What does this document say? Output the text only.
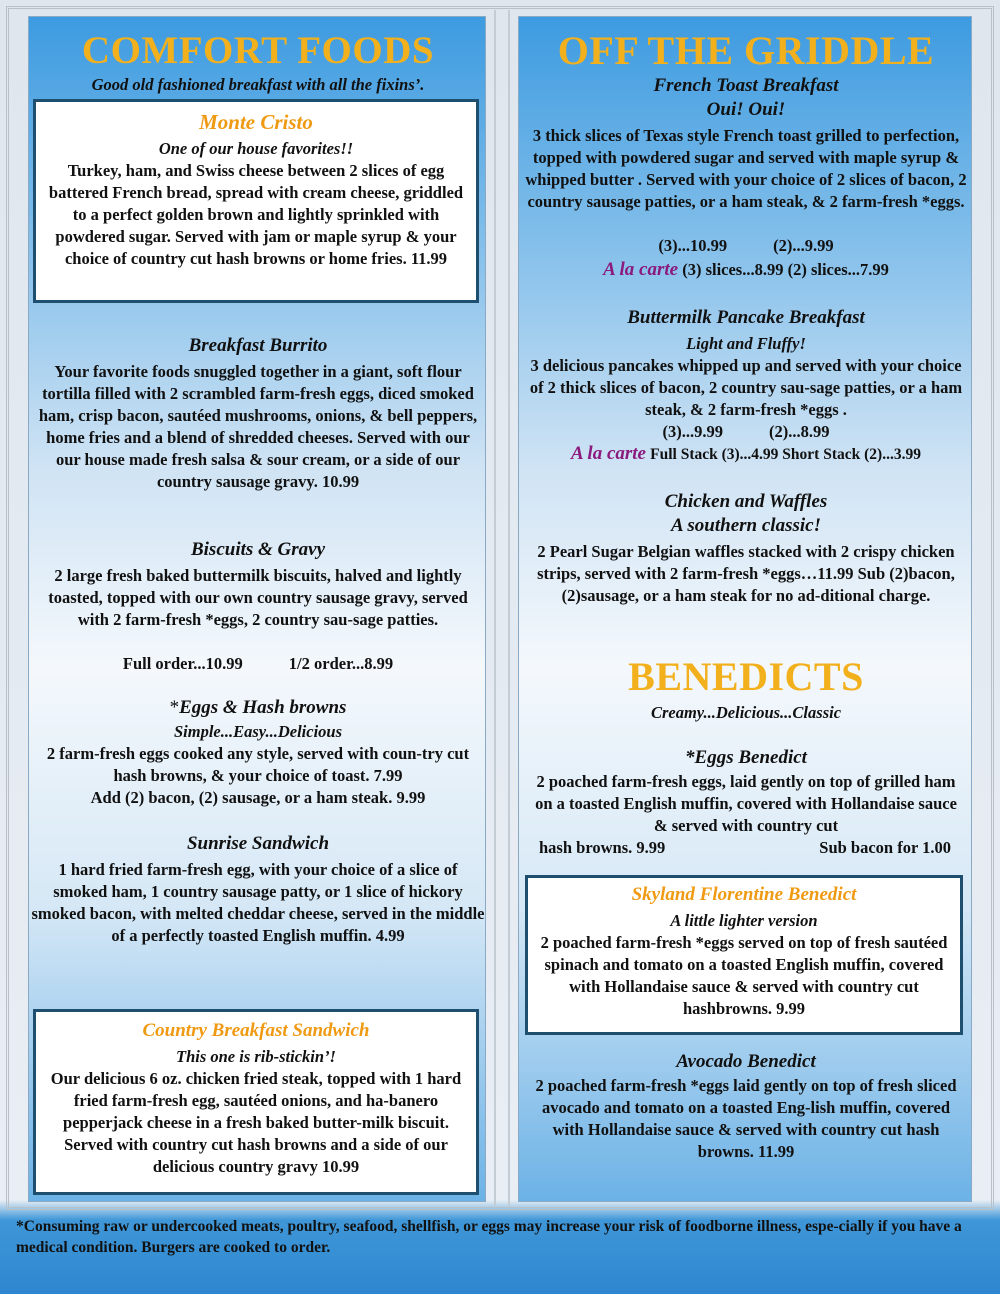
COMFORT FOODS
Good old fashioned breakfast with all the fixins’.
Monte Cristo
One of our house favorites!!
Turkey, ham, and Swiss cheese between 2 slices of egg battered French bread, spread with cream cheese, griddled to a perfect golden brown and lightly sprinkled with powdered sugar. Served with jam or maple syrup & your choice of country cut hash browns or home fries. 11.99
Breakfast Burrito
Your favorite foods snuggled together in a giant, soft flour tortilla filled with 2 scrambled farm-fresh eggs, diced smoked ham, crisp bacon, sautéed mushrooms, onions, & bell peppers, home fries and a blend of shredded cheeses. Served with our our house made fresh salsa & sour cream, or a side of our country sausage gravy. 10.99
Biscuits & Gravy
2 large fresh baked buttermilk biscuits, halved and lightly toasted, topped with our own country sausage gravy, served with 2 farm-fresh *eggs, 2 country sau-sage patties.
Full order...10.99	1/2 order...8.99
*Eggs & Hash browns
Simple...Easy...Delicious
2 farm-fresh eggs cooked any style, served with coun-try cut hash browns, & your choice of toast. 7.99
Add (2) bacon, (2) sausage, or a ham steak. 9.99
Sunrise Sandwich
1 hard fried farm-fresh egg, with your choice of a slice of smoked ham, 1 country sausage patty, or 1 slice of hickory smoked bacon, with melted cheddar cheese, served in the middle of a perfectly toasted English muffin. 4.99
Country Breakfast Sandwich
This one is rib-stickin’!
Our delicious 6 oz. chicken fried steak, topped with 1 hard fried farm-fresh egg, sautéed onions, and ha-banero pepperjack cheese in a fresh baked butter-milk biscuit. Served with country cut hash browns and a side of our delicious country gravy 10.99
OFF THE GRIDDLE
French Toast Breakfast
Oui! Oui!
3 thick slices of Texas style French toast grilled to perfection, topped with powdered sugar and served with maple syrup & whipped butter . Served with your choice of 2 slices of bacon, 2 country sausage patties, or a ham steak, & 2 farm-fresh *eggs.
(3)...10.99	(2)...9.99
A la carte (3) slices...8.99 (2) slices...7.99
Buttermilk Pancake Breakfast
Light and Fluffy!
3 delicious pancakes whipped up and served with your choice of 2 thick slices of bacon, 2 country sau-sage patties, or a ham steak, & 2 farm-fresh *eggs .
(3)...9.99	(2)...8.99
A la carte Full Stack (3)...4.99 Short Stack (2)...3.99
Chicken and Waffles
A southern classic!
2 Pearl Sugar Belgian waffles stacked with 2 crispy chicken strips, served with 2 farm-fresh *eggs…11.99 Sub (2)bacon, (2)sausage, or a ham steak for no ad-ditional charge.
BENEDICTS
Creamy...Delicious...Classic
*Eggs Benedict
2 poached farm-fresh eggs, laid gently on top of grilled ham on a toasted English muffin, covered with Hollandaise sauce & served with country cut
hash browns. 9.99	Sub bacon for 1.00
Skyland Florentine Benedict
A little lighter version
2 poached farm-fresh *eggs served on top of fresh sautéed spinach and tomato on a toasted English muffin, covered with Hollandaise sauce & served with country cut hashbrowns. 9.99
Avocado Benedict
2 poached farm-fresh *eggs laid gently on top of fresh sliced avocado and tomato on a toasted Eng-lish muffin, covered with Hollandaise sauce & served with country cut hash browns. 11.99
*Consuming raw or undercooked meats, poultry, seafood, shellfish, or eggs may increase your risk of foodborne illness, espe-cially if you have a medical condition. Burgers are cooked to order.
